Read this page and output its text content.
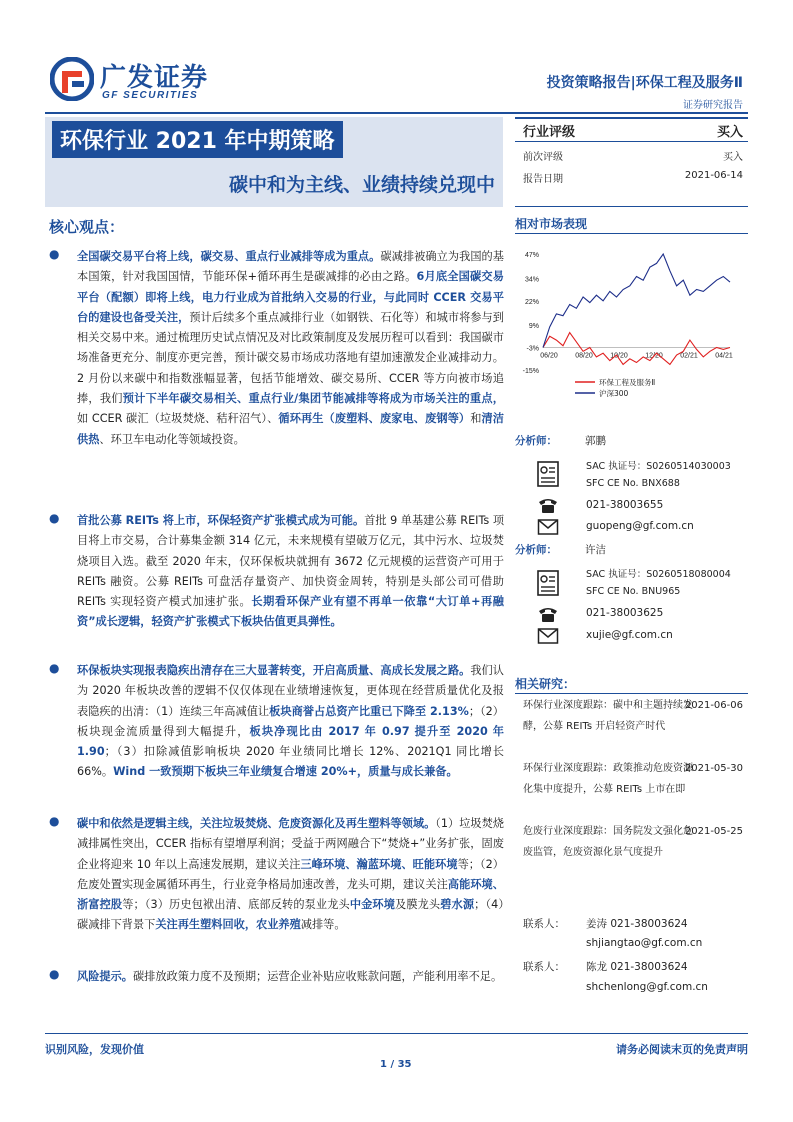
广发证券
GF SECURITIES
投资策略报告|环保工程及服务Ⅱ
证券研究报告
环保行业 2021 年中期策略
碳中和为主线、业绩持续兑现中
行业评级	买入
前次评级	买入
报告日期	2021-06-14
核心观点：
● 全国碳交易平台将上线，碳交易、重点行业减排等成为重点。碳减排被确立为我国的基本国策，针对我国国情，节能环保+循环再生是碳减排的必由之路。6月底全国碳交易平台（配额）即将上线，电力行业成为首批纳入交易的行业，与此同时 CCER 交易平台的建设也备受关注，预计后续多个重点减排行业（如钢铁、石化等）和城市将参与到相关交易中来。通过梳理历史试点情况及对比政策制度及发展历程可以看到：我国碳市场准备更充分、制度亦更完善，预计碳交易市场成功落地有望加速激发企业减排动力。2 月份以来碳中和指数涨幅显著，包括节能增效、碳交易所、CCER 等方向被市场追捧，我们预计下半年碳交易相关、重点行业/集团节能减排等将成为市场关注的重点，如 CCER 碳汇（垃圾焚烧、秸秆沼气）、循环再生（废塑料、废家电、废钢等）和清洁供热、环卫车电动化等领域投资。
● 首批公募 REITs 将上市，环保轻资产扩张模式成为可能。首批 9 单基建公募 REITs 项目将上市交易，合计募集金额 314 亿元，未来规模有望破万亿元，其中污水、垃圾焚烧项目入选。截至 2020 年末，仅环保板块就拥有 3672 亿元规模的运营资产可用于 REITs 融资。公募 REITs 可盘活存量资产、加快资金周转，特别是头部公司可借助 REITs 实现轻资产模式加速扩张。长期看环保产业有望不再单一依靠“大订单+再融资”成长逻辑，轻资产扩张模式下板块估值更具弹性。
● 环保板块实现报表隐疾出清存在三大显著转变，开启高质量、高成长发展之路。我们认为 2020 年板块改善的逻辑不仅仅体现在业绩增速恢复，更体现在经营质量优化及报表隐疾的出清：（1）连续三年高减值让板块商誉占总资产比重已下降至 2.13%；（2）板块现金流质量得到大幅提升，板块净现比由 2017 年 0.97 提升至 2020 年 1.90；（3）扣除减值影响板块 2020 年业绩同比增长 12%、2021Q1 同比增长 66%。Wind 一致预期下板块三年业绩复合增速 20%+，质量与成长兼备。
● 碳中和依然是逻辑主线，关注垃圾焚烧、危废资源化及再生塑料等领域。（1）垃圾焚烧减排属性突出，CCER 指标有望增厚利润；受益于两网融合下“焚烧+”业务扩张，固废企业将迎来 10 年以上高速发展期，建议关注三峰环境、瀚蓝环境、旺能环境等；（2）危废处置实现金属循环再生，行业竞争格局加速改善，龙头可期，建议关注高能环境、浙富控股等；（3）历史包袱出清、底部反转的泵业龙头中金环境及膜龙头碧水源；（4）碳减排下背景下关注再生塑料回收，农业养殖减排等。
● 风险提示。碳排放政策力度不及预期；运营企业补贴应收账款问题，产能利用率不足。
相对市场表现
47%
34%
22%
9%
-3%
-15%
06/20 08/20 10/20 12/20 02/21 04/21
环保工程及服务Ⅱ
沪深300
分析师：	郭鹏
SAC 执证号：S0260514030003
SFC CE No. BNX688
021-38003655
guopeng@gf.com.cn
分析师：	许洁
SAC 执证号：S0260518080004
SFC CE No. BNU965
021-38003625
xujie@gf.com.cn
相关研究：
环保行业深度跟踪：碳中和主题持续发酵，公募 REITs 开启轻资产时代
2021-06-06
环保行业深度跟踪：政策推动危废资源化集中度提升，公募 REITs 上市在即
2021-05-30
危废行业深度跟踪：国务院发文强化危废监管，危废资源化景气度提升
2021-05-25
联系人： 姜涛 021-38003624
shjiangtao@gf.com.cn
联系人： 陈龙 021-38003624
shchenlong@gf.com.cn
识别风险，发现价值	请务必阅读末页的免责声明
1 / 35
